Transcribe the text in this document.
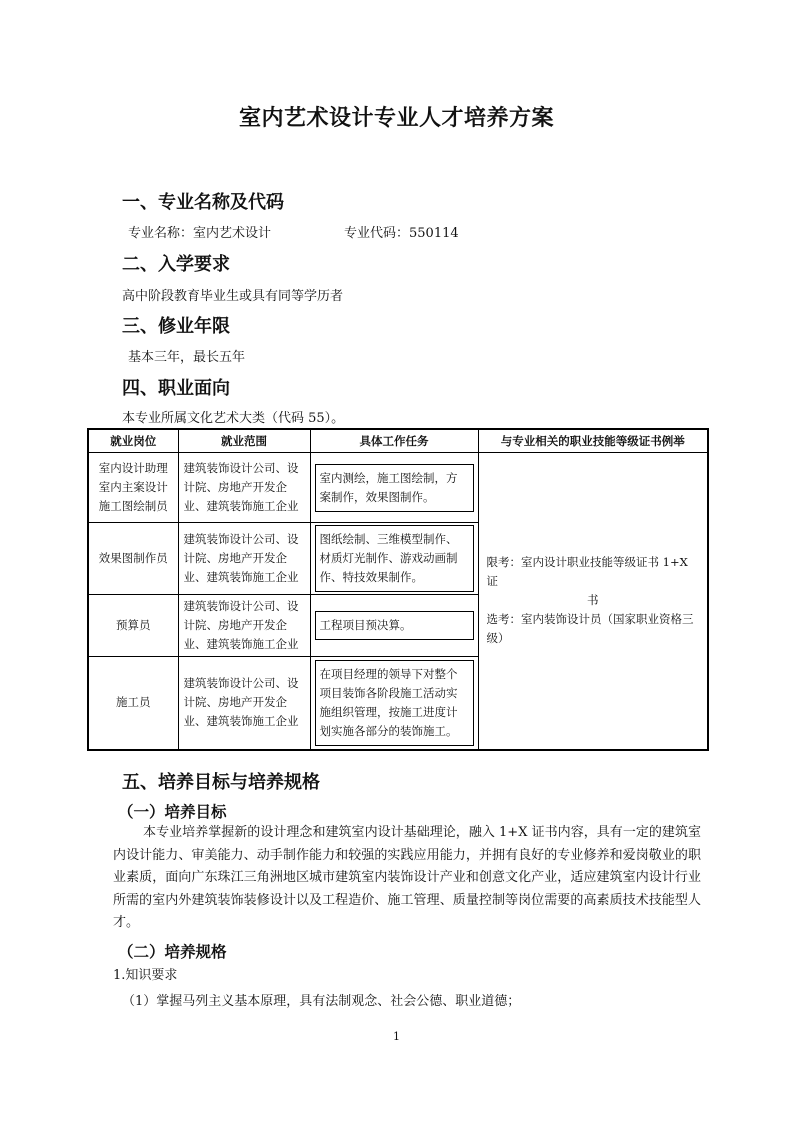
室内艺术设计专业人才培养方案
一、专业名称及代码
专业名称：室内艺术设计	专业代码：550114
二、入学要求
高中阶段教育毕业生或具有同等学历者
三、修业年限
基本三年，最长五年
四、职业面向
本专业所属文化艺术大类（代码 55）。
就业岗位	就业范围	具体工作任务	与专业相关的职业技能等级证书例举

室内设计助理
室内主案设计
施工图绘制员	建筑装饰设计公司、设计院、房地产开发企业、建筑装饰施工企业	室内测绘，施工图绘制，方案制作，效果图制作。	限考：室内设计职业技能等级证书 1+X 证
书
选考：室内装饰设计员（国家职业资格三级）

效果图制作员	建筑装饰设计公司、设计院、房地产开发企业、建筑装饰施工企业	图纸绘制、三维模型制作、材质灯光制作、游戏动画制作、特技效果制作。	

预算员	建筑装饰设计公司、设计院、房地产开发企业、建筑装饰施工企业	工程项目预决算。	

施工员	建筑装饰设计公司、设计院、房地产开发企业、建筑装饰施工企业	在项目经理的领导下对整个项目装饰各阶段施工活动实施组织管理，按施工进度计划实施各部分的装饰施工。	
五、培养目标与培养规格
（一）培养目标
本专业培养掌握新的设计理念和建筑室内设计基础理论，融入 1+X 证书内容，具有一定的建筑室内设计能力、审美能力、动手制作能力和较强的实践应用能力，并拥有良好的专业修养和爱岗敬业的职业素质，面向广东珠江三角洲地区城市建筑室内装饰设计产业和创意文化产业，适应建筑室内设计行业所需的室内外建筑装饰装修设计以及工程造价、施工管理、质量控制等岗位需要的高素质技术技能型人才。
（二）培养规格
1.知识要求
（1）掌握马列主义基本原理，具有法制观念、社会公德、职业道德；
1
